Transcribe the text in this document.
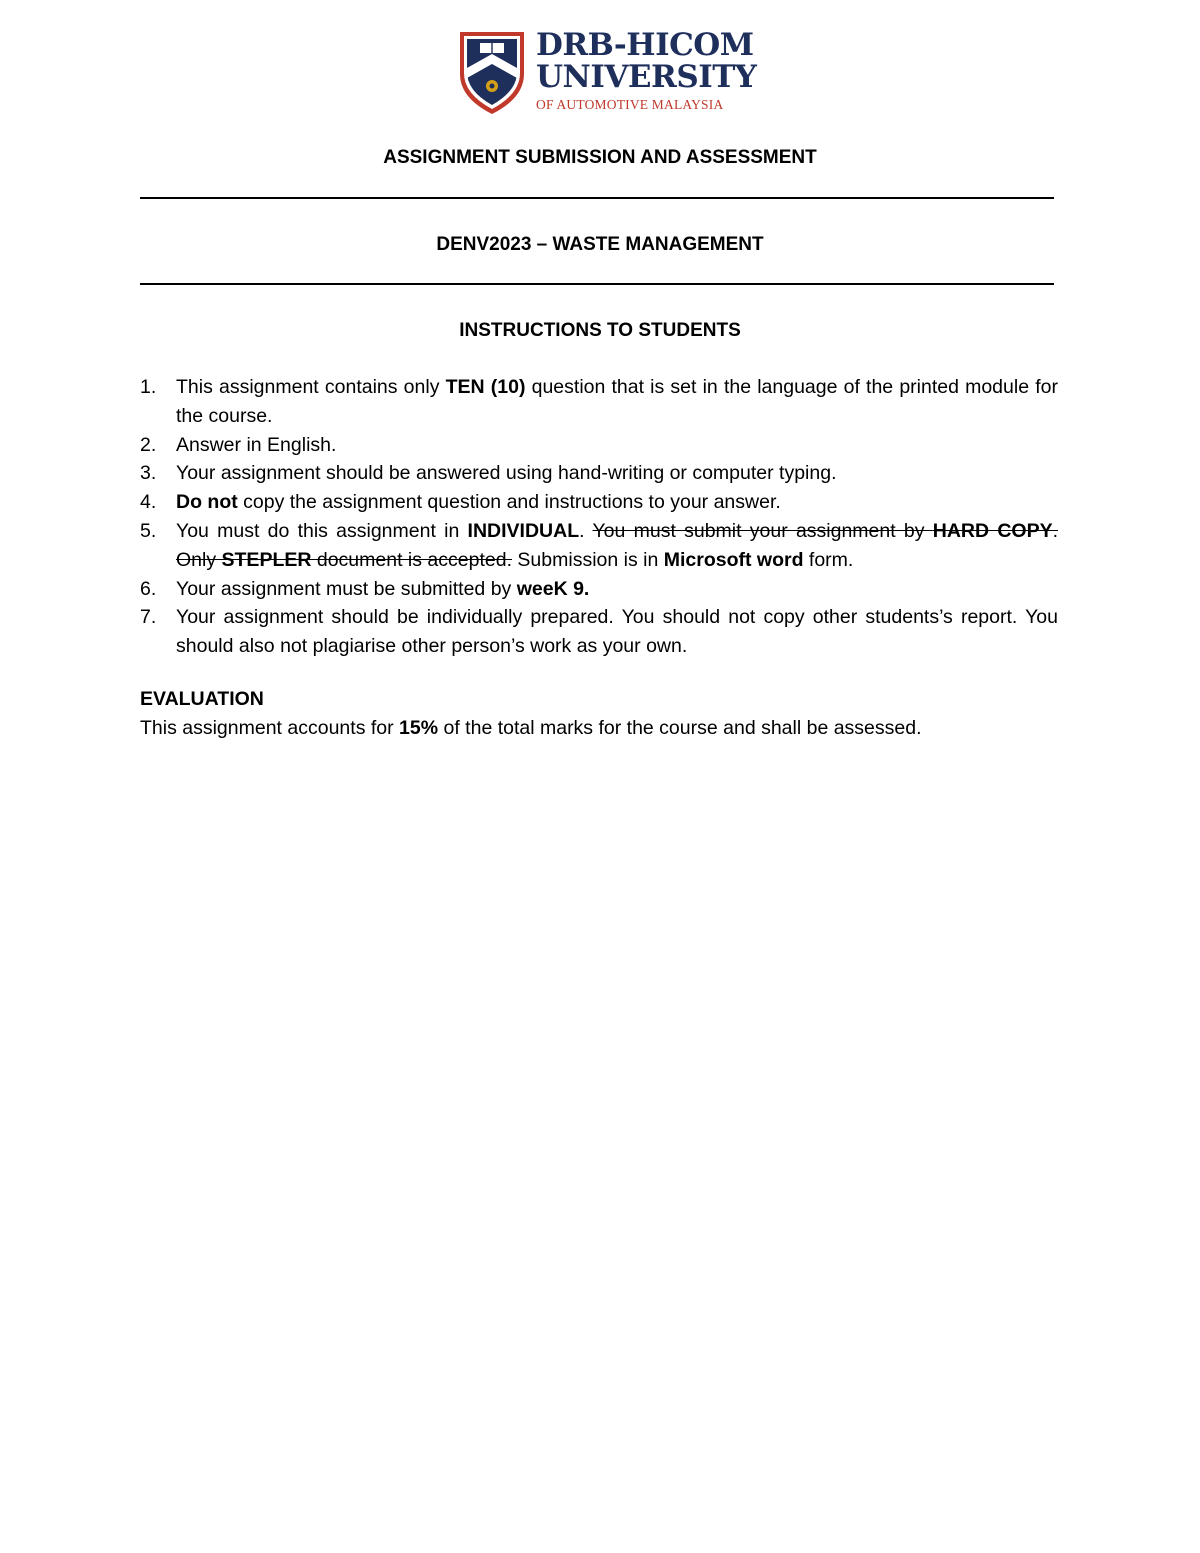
DRB-HICOM
UNIVERSITY
OF AUTOMOTIVE MALAYSIA
ASSIGNMENT SUBMISSION AND ASSESSMENT
DENV2023 – WASTE MANAGEMENT
INSTRUCTIONS TO STUDENTS
1. This assignment contains only TEN (10) question that is set in the language of the printed module for the course.
2. Answer in English.
3. Your assignment should be answered using hand-writing or computer typing.
4. Do not copy the assignment question and instructions to your answer.
5. You must do this assignment in INDIVIDUAL. You must submit your assignment by HARD COPY. Only STEPLER document is accepted. Submission is in Microsoft word form.
6. Your assignment must be submitted by weeK 9.
7. Your assignment should be individually prepared. You should not copy other students’s report. You should also not plagiarise other person’s work as your own.
EVALUATION
This assignment accounts for 15% of the total marks for the course and shall be assessed.
